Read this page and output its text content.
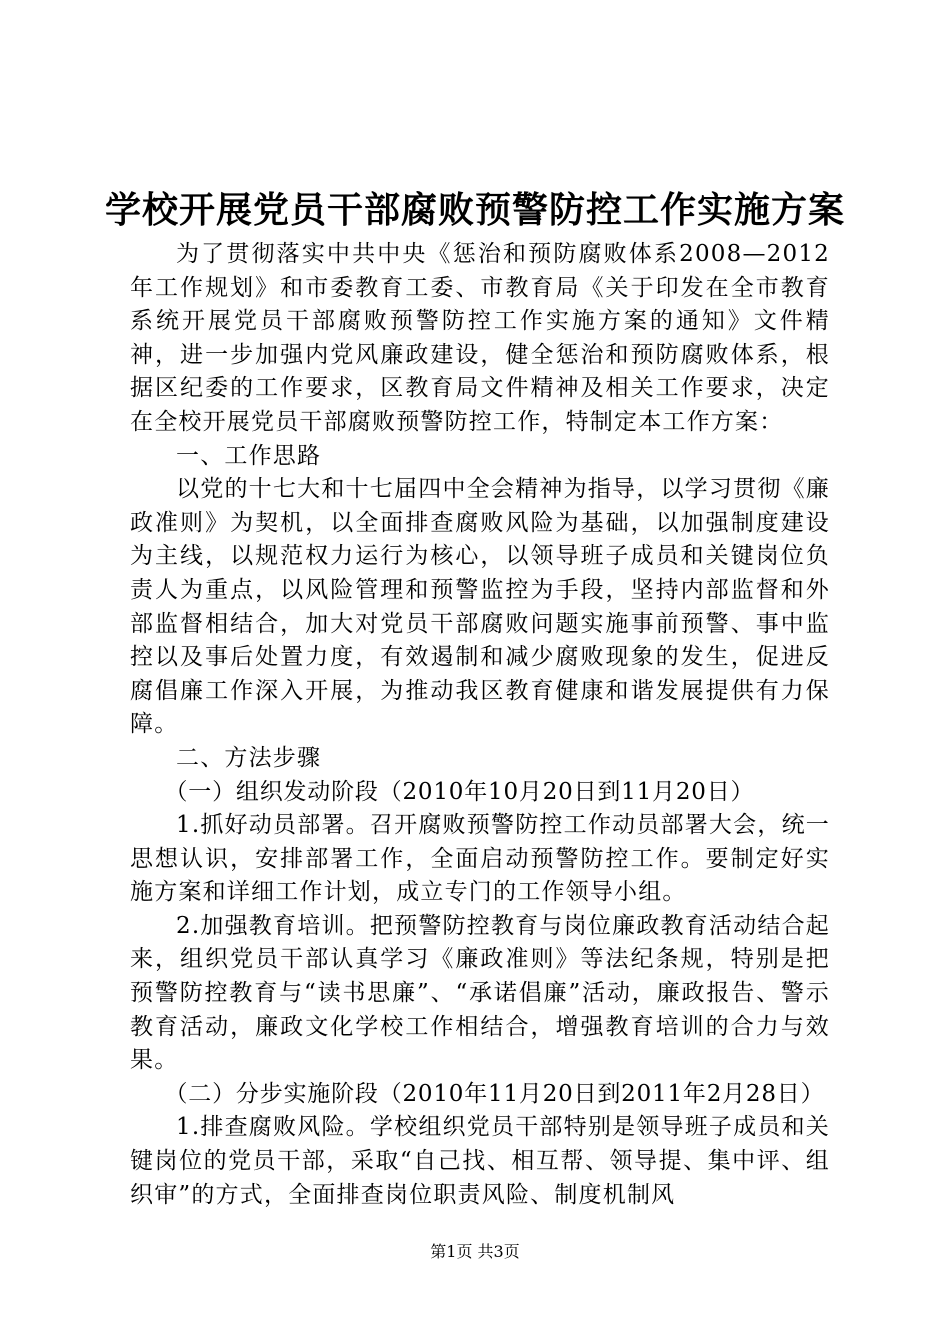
学校开展党员干部腐败预警防控工作实施方案

为了贯彻落实中共中央《惩治和预防腐败体系2008—2012年工作规划》和市委教育工委、市教育局《关于印发在全市教育系统开展党员干部腐败预警防控工作实施方案的通知》文件精神，进一步加强内党风廉政建设，健全惩治和预防腐败体系，根据区纪委的工作要求，区教育局文件精神及相关工作要求，决定在全校开展党员干部腐败预警防控工作，特制定本工作方案：

一、工作思路

以党的十七大和十七届四中全会精神为指导，以学习贯彻《廉政准则》为契机，以全面排查腐败风险为基础，以加强制度建设为主线，以规范权力运行为核心，以领导班子成员和关键岗位负责人为重点，以风险管理和预警监控为手段，坚持内部监督和外部监督相结合，加大对党员干部腐败问题实施事前预警、事中监控以及事后处置力度，有效遏制和减少腐败现象的发生，促进反腐倡廉工作深入开展，为推动我区教育健康和谐发展提供有力保障。

二、方法步骤

（一）组织发动阶段（2010年10月20日到11月20日）

1.抓好动员部署。召开腐败预警防控工作动员部署大会，统一思想认识，安排部署工作，全面启动预警防控工作。要制定好实施方案和详细工作计划，成立专门的工作领导小组。

2.加强教育培训。把预警防控教育与岗位廉政教育活动结合起来，组织党员干部认真学习《廉政准则》等法纪条规，特别是把预警防控教育与“读书思廉”、“承诺倡廉”活动，廉政报告、警示教育活动，廉政文化学校工作相结合，增强教育培训的合力与效果。

（二）分步实施阶段（2010年11月20日到2011年2月28日）

1.排查腐败风险。学校组织党员干部特别是领导班子成员和关键岗位的党员干部，采取“自己找、相互帮、领导提、集中评、组织审”的方式，全面排查岗位职责风险、制度机制风

第1页 共3页
